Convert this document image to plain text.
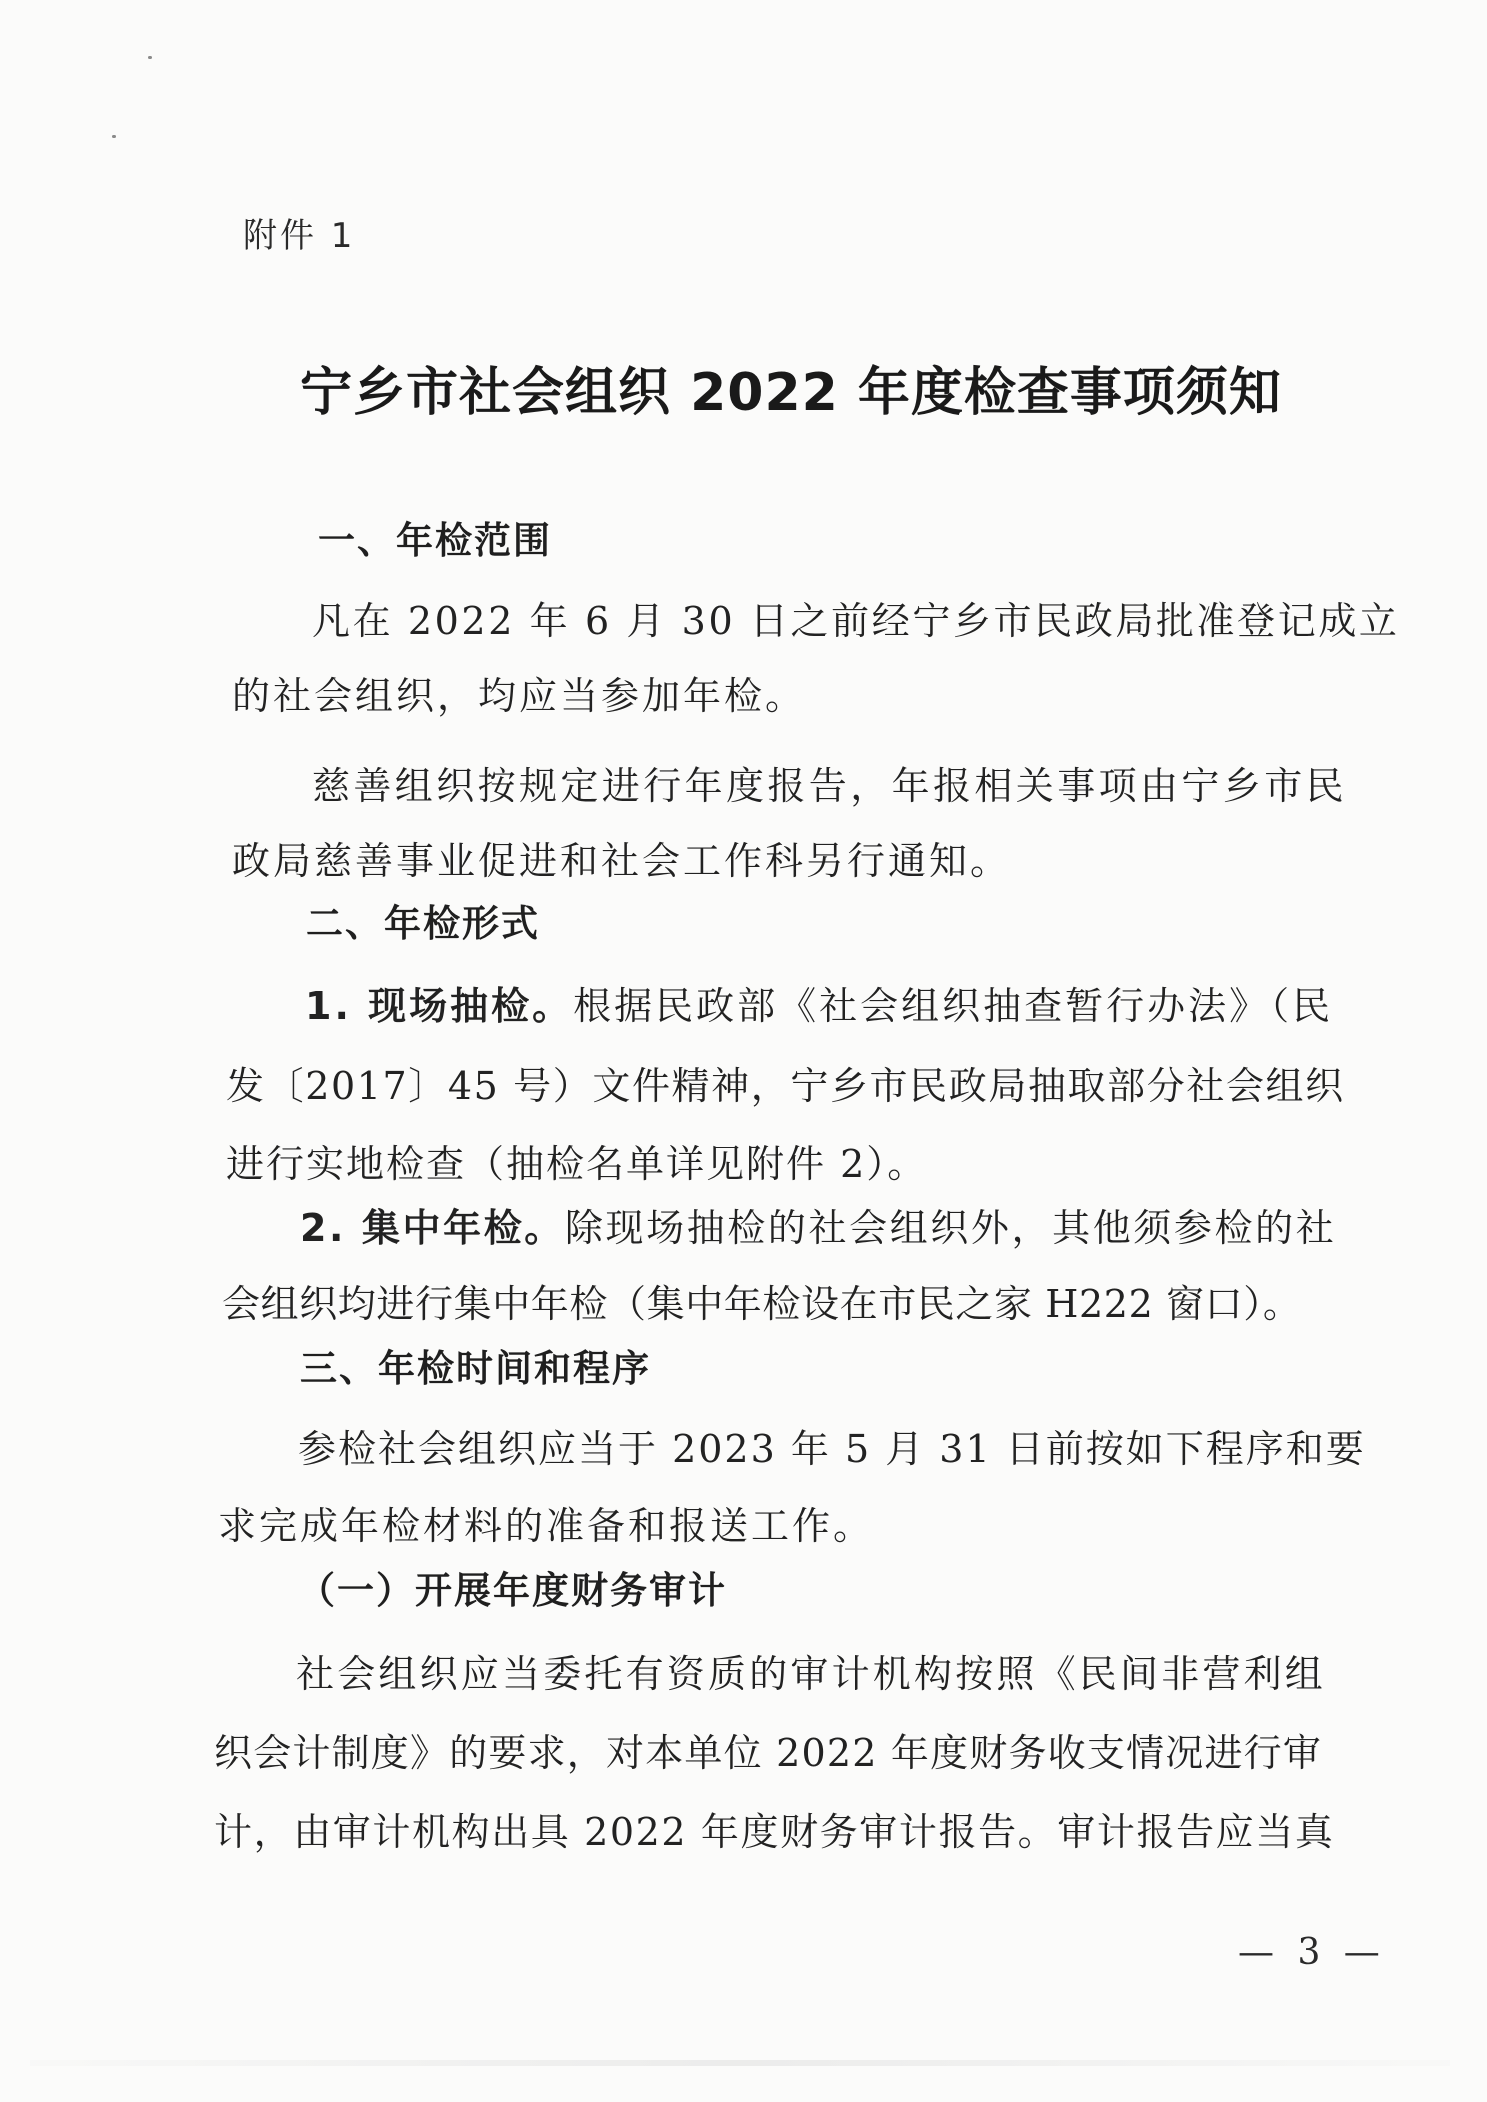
附件 1
宁乡市社会组织 2022 年度检查事项须知
一、年检范围
凡在 2022 年 6 月 30 日之前经宁乡市民政局批准登记成立
的社会组织，均应当参加年检。
慈善组织按规定进行年度报告，年报相关事项由宁乡市民
政局慈善事业促进和社会工作科另行通知。
二、年检形式
1. 现场抽检。根据民政部《社会组织抽查暂行办法》（民
发〔2017〕45 号）文件精神，宁乡市民政局抽取部分社会组织
进行实地检查（抽检名单详见附件 2）。
2. 集中年检。除现场抽检的社会组织外，其他须参检的社
会组织均进行集中年检（集中年检设在市民之家 H222 窗口）。
三、年检时间和程序
参检社会组织应当于 2023 年 5 月 31 日前按如下程序和要
求完成年检材料的准备和报送工作。
（一）开展年度财务审计
社会组织应当委托有资质的审计机构按照《民间非营利组
织会计制度》的要求，对本单位 2022 年度财务收支情况进行审
计，由审计机构出具 2022 年度财务审计报告。审计报告应当真
— 3 —
